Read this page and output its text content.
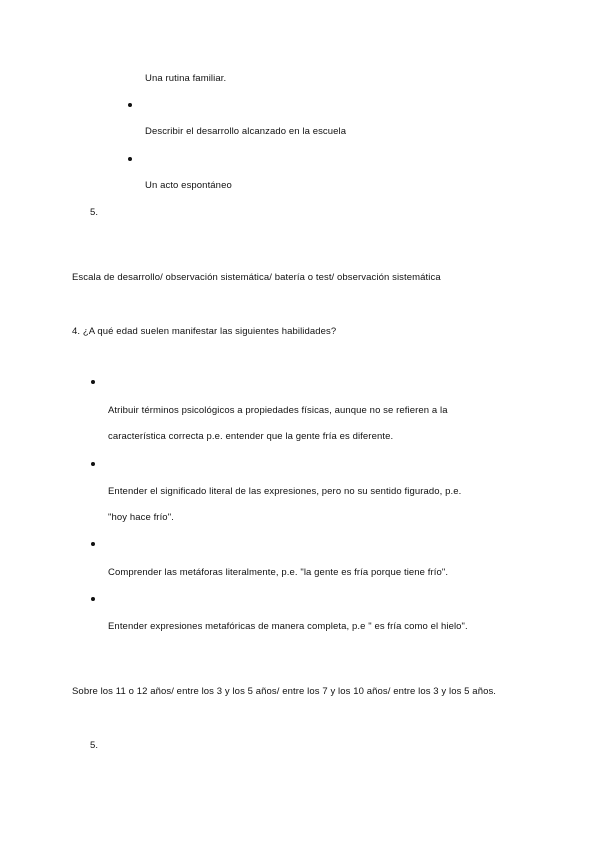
Una rutina familiar.
Describir el desarrollo alcanzado en la escuela
Un acto espontáneo
5.
Escala de desarrollo/ observación sistemática/ batería o test/ observación sistemática
4. ¿A qué edad suelen manifestar las siguientes habilidades?
Atribuir términos psicológicos a propiedades físicas, aunque no se refieren a la
característica correcta p.e. entender que la gente fría es diferente.
Entender el significado literal de las expresiones, pero no su sentido figurado, p.e.
"hoy hace frío".
Comprender las metáforas literalmente, p.e. "la gente es fría porque tiene frío".
Entender expresiones metafóricas de manera completa, p.e " es fría como el hielo".
Sobre los 11 o 12 años/ entre los 3 y los 5 años/ entre los 7 y los 10 años/ entre los 3 y los 5 años.
5.
